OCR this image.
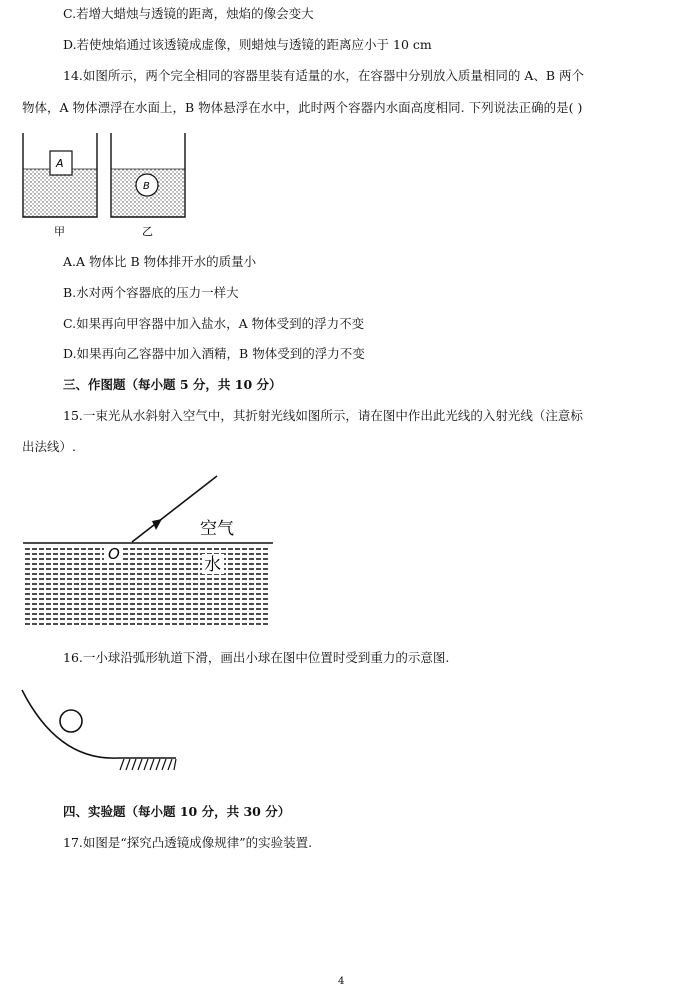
C.若增大蜡烛与透镜的距离，烛焰的像会变大
D.若使烛焰通过该透镜成虚像，则蜡烛与透镜的距离应小于 10 cm
14.如图所示，两个完全相同的容器里装有适量的水，在容器中分别放入质量相同的 A、B 两个
物体，A 物体漂浮在水面上，B 物体悬浮在水中，此时两个容器内水面高度相同. 下列说法正确的是( )
A
B
甲	乙
A.A 物体比 B 物体排开水的质量小
B.水对两个容器底的压力一样大
C.如果再向甲容器中加入盐水，A 物体受到的浮力不变
D.如果再向乙容器中加入酒精，B 物体受到的浮力不变
三、作图题（每小题 5 分，共 10 分）
15.一束光从水斜射入空气中，其折射光线如图所示，请在图中作出此光线的入射光线（注意标
出法线）.
空气
O
水
16.一小球沿弧形轨道下滑，画出小球在图中位置时受到重力的示意图.
四、实验题（每小题 10 分，共 30 分）
17.如图是“探究凸透镜成像规律”的实验装置.
4
